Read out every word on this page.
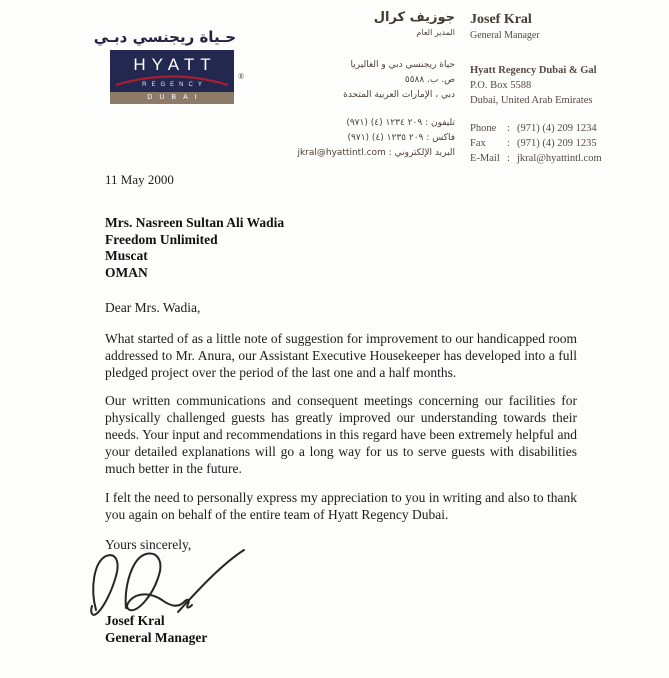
حـياة ريجنسي دبـي
HYATT
REGENCY
DUBAI
®
جوزيف كرال
المدير العام
حياة ريجنسي دبي و الغاليريا
ص. ب. ٥٥٨٨
دبي ، الإمارات العربية المتحدة
تليفون : (٩٧١) (٤) ٢٠٩ ١٢٣٤
فاكس : (٩٧١) (٤) ٢٠٩ ١٢٣٥
البريد الإلكتروني : jkral@hyattintl.com
Josef Kral
General Manager
Hyatt Regency Dubai & Gal
P.O. Box 5588
Dubai, United Arab Emirates
Phone	: (971) (4) 209 1234
Fax	: (971) (4) 209 1235
E-Mail : jkral@hyattintl.com
11 May 2000
Mrs. Nasreen Sultan Ali Wadia
Freedom Unlimited
Muscat
OMAN
Dear Mrs. Wadia,
What started of as a little note of suggestion for improvement to our handicapped room addressed to Mr. Anura, our Assistant Executive Housekeeper has developed into a full pledged project over the period of the last one and a half months.
Our written communications and consequent meetings concerning our facilities for physically challenged guests has greatly improved our understanding towards their needs. Your input and recommendations in this regard have been extremely helpful and your detailed explanations will go a long way for us to serve guests with disabilities much better in the future.
I felt the need to personally express my appreciation to you in writing and also to thank you again on behalf of the entire team of Hyatt Regency Dubai.
Yours sincerely,
Josef Kral
General Manager
